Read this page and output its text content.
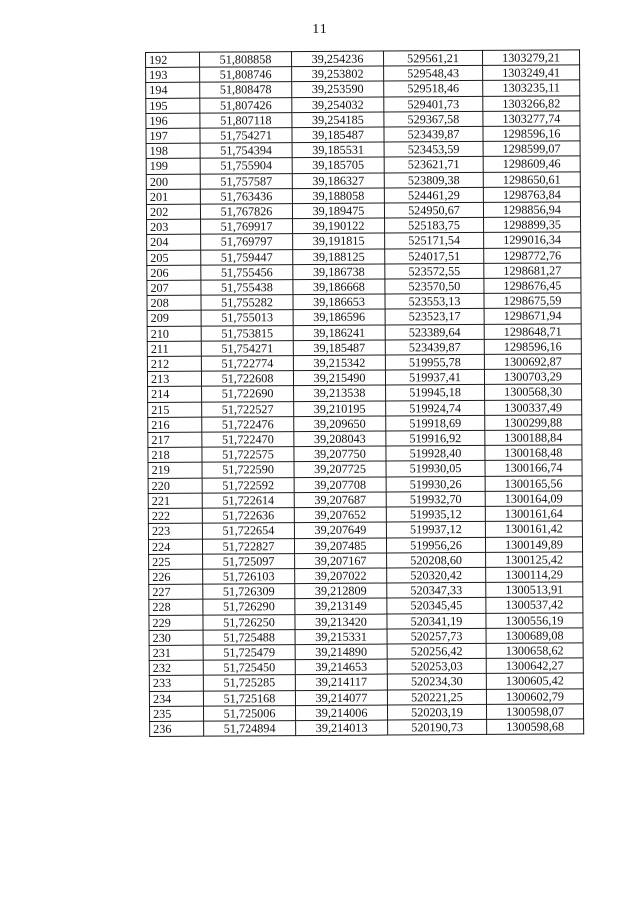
11
192	51,808858	39,254236	529561,21	1303279,21
193	51,808746	39,253802	529548,43	1303249,41
194	51,808478	39,253590	529518,46	1303235,11
195	51,807426	39,254032	529401,73	1303266,82
196	51,807118	39,254185	529367,58	1303277,74
197	51,754271	39,185487	523439,87	1298596,16
198	51,754394	39,185531	523453,59	1298599,07
199	51,755904	39,185705	523621,71	1298609,46
200	51,757587	39,186327	523809,38	1298650,61
201	51,763436	39,188058	524461,29	1298763,84
202	51,767826	39,189475	524950,67	1298856,94
203	51,769917	39,190122	525183,75	1298899,35
204	51,769797	39,191815	525171,54	1299016,34
205	51,759447	39,188125	524017,51	1298772,76
206	51,755456	39,186738	523572,55	1298681,27
207	51,755438	39,186668	523570,50	1298676,45
208	51,755282	39,186653	523553,13	1298675,59
209	51,755013	39,186596	523523,17	1298671,94
210	51,753815	39,186241	523389,64	1298648,71
211	51,754271	39,185487	523439,87	1298596,16
212	51,722774	39,215342	519955,78	1300692,87
213	51,722608	39,215490	519937,41	1300703,29
214	51,722690	39,213538	519945,18	1300568,30
215	51,722527	39,210195	519924,74	1300337,49
216	51,722476	39,209650	519918,69	1300299,88
217	51,722470	39,208043	519916,92	1300188,84
218	51,722575	39,207750	519928,40	1300168,48
219	51,722590	39,207725	519930,05	1300166,74
220	51,722592	39,207708	519930,26	1300165,56
221	51,722614	39,207687	519932,70	1300164,09
222	51,722636	39,207652	519935,12	1300161,64
223	51,722654	39,207649	519937,12	1300161,42
224	51,722827	39,207485	519956,26	1300149,89
225	51,725097	39,207167	520208,60	1300125,42
226	51,726103	39,207022	520320,42	1300114,29
227	51,726309	39,212809	520347,33	1300513,91
228	51,726290	39,213149	520345,45	1300537,42
229	51,726250	39,213420	520341,19	1300556,19
230	51,725488	39,215331	520257,73	1300689,08
231	51,725479	39,214890	520256,42	1300658,62
232	51,725450	39,214653	520253,03	1300642,27
233	51,725285	39,214117	520234,30	1300605,42
234	51,725168	39,214077	520221,25	1300602,79
235	51,725006	39,214006	520203,19	1300598,07
236	51,724894	39,214013	520190,73	1300598,68
